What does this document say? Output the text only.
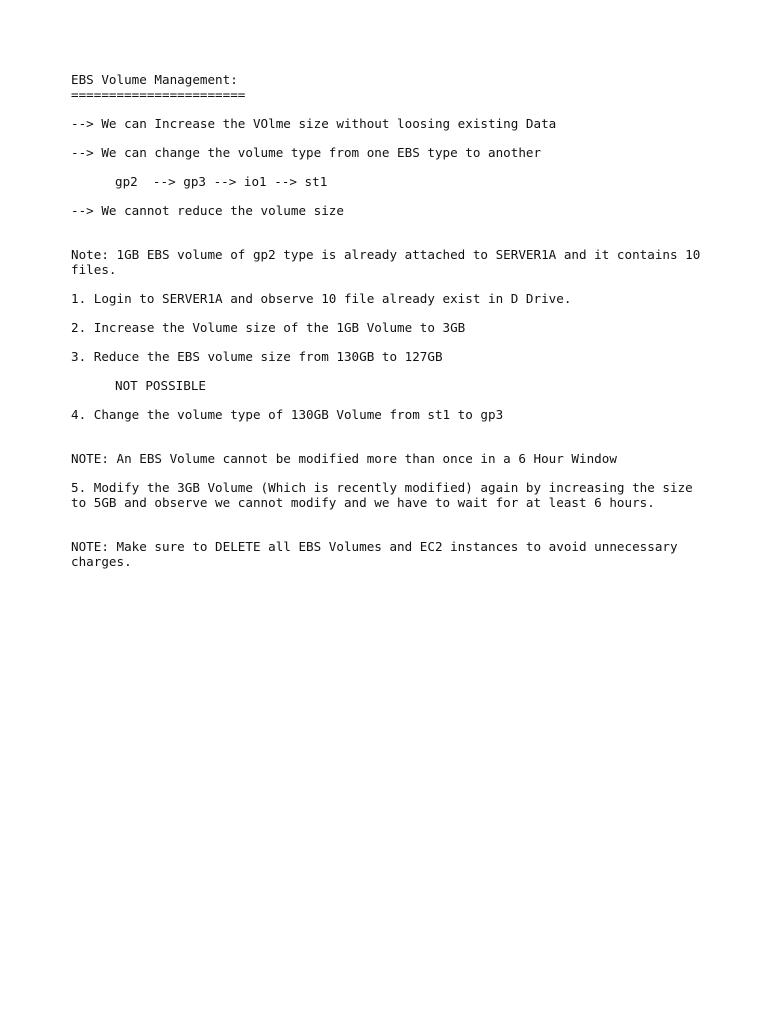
EBS Volume Management:

=======================

--> We can Increase the VOlme size without loosing existing Data

--> We can change the volume type from one EBS type to another

gp2  --> gp3 --> io1 --> st1

--> We cannot reduce the volume size

Note: 1GB EBS volume of gp2 type is already attached to SERVER1A and it contains 10 files.

1. Login to SERVER1A and observe 10 file already exist in D Drive.

2. Increase the Volume size of the 1GB Volume to 3GB

3. Reduce the EBS volume size from 130GB to 127GB

NOT POSSIBLE

4. Change the volume type of 130GB Volume from st1 to gp3

NOTE: An EBS Volume cannot be modified more than once in a 6 Hour Window

5. Modify the 3GB Volume (Which is recently modified) again by increasing the size to 5GB and observe we cannot modify and we have to wait for at least 6 hours.

NOTE: Make sure to DELETE all EBS Volumes and EC2 instances to avoid unnecessary charges.
